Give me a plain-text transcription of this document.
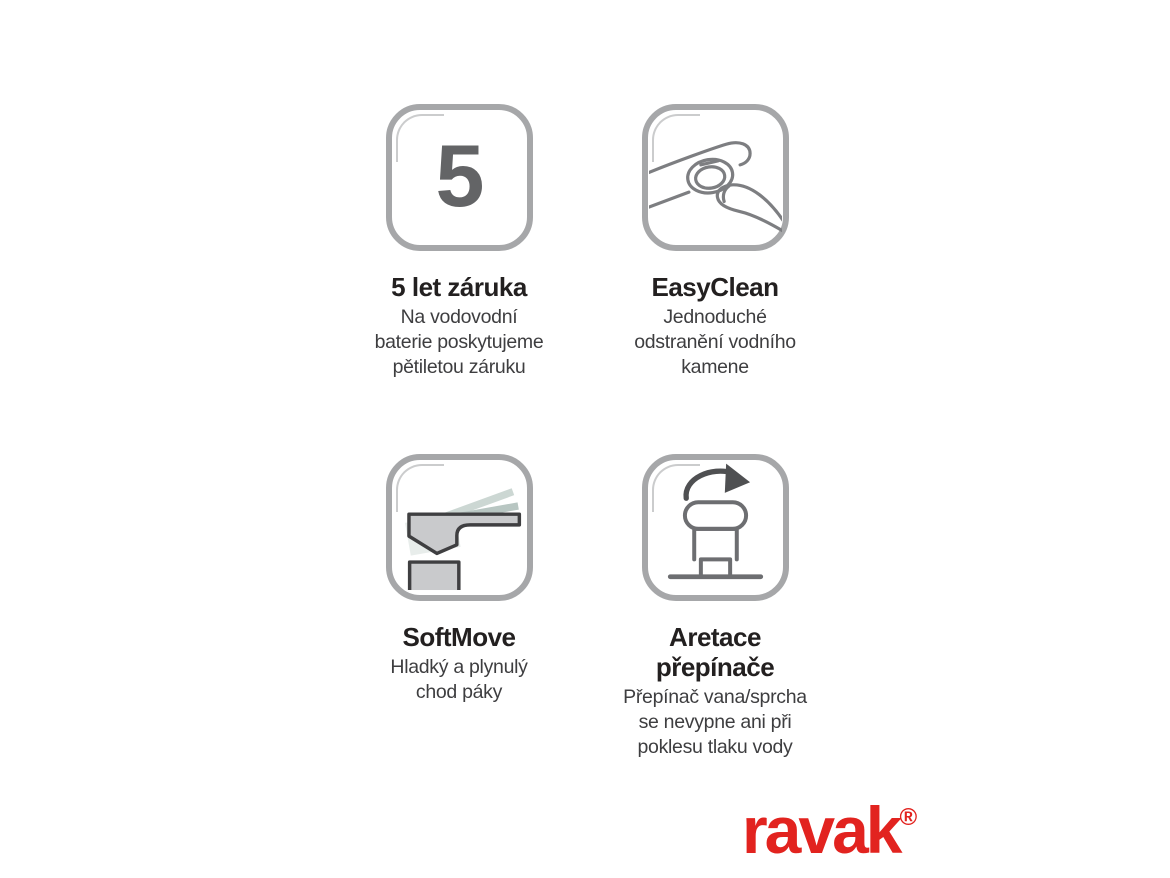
5
5 let záruka
Na vodovodní
baterie poskytujeme
pětiletou záruku
EasyClean
Jednoduché
odstranění vodního
kamene
SoftMove
Hladký a plynulý
chod páky
Aretace
přepínače
Přepínač vana/sprcha
se nevypne ani při
poklesu tlaku vody
ravak®
